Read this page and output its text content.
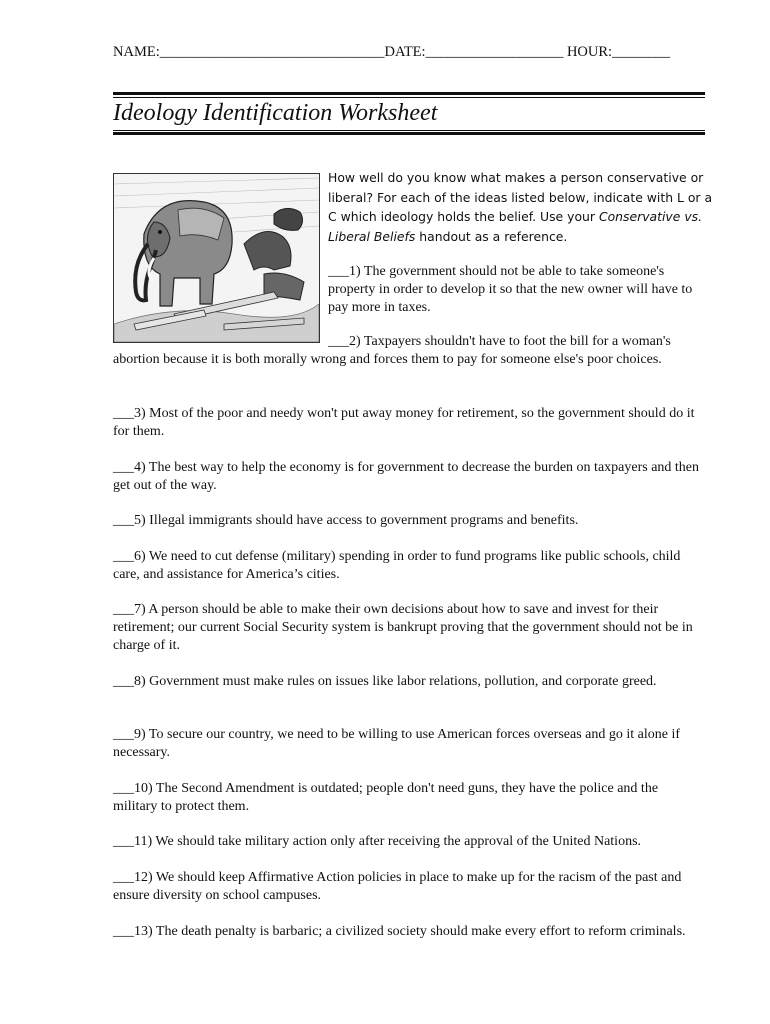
NAME:_______________________________DATE:___________________ HOUR:________
Ideology Identification Worksheet
How well do you know what makes a person conservative or liberal? For each of the ideas listed below, indicate with L or a C which ideology holds the belief. Use your Conservative vs. Liberal Beliefs handout as a reference.
___1) The government should not be able to take someone's property in order to develop it so that the new owner will have to pay more in taxes.
___2) Taxpayers shouldn't have to foot the bill for a woman's abortion because it is both morally wrong and forces them to pay for someone else's poor choices.
___3) Most of the poor and needy won't put away money for retirement, so the government should do it for them.
___4) The best way to help the economy is for government to decrease the burden on taxpayers and then get out of the way.
___5) Illegal immigrants should have access to government programs and benefits.
___6) We need to cut defense (military) spending in order to fund programs like public schools, child care, and assistance for America’s cities.
___7) A person should be able to make their own decisions about how to save and invest for their retirement; our current Social Security system is bankrupt proving that the government should not be in charge of it.
___8) Government must make rules on issues like labor relations, pollution, and corporate greed.
___9) To secure our country, we need to be willing to use American forces overseas and go it alone if necessary.
___10) The Second Amendment is outdated; people don't need guns, they have the police and the military to protect them.
___11) We should take military action only after receiving the approval of the United Nations.
___12) We should keep Affirmative Action policies in place to make up for the racism of the past and ensure diversity on school campuses.
___13) The death penalty is barbaric; a civilized society should make every effort to reform criminals.
